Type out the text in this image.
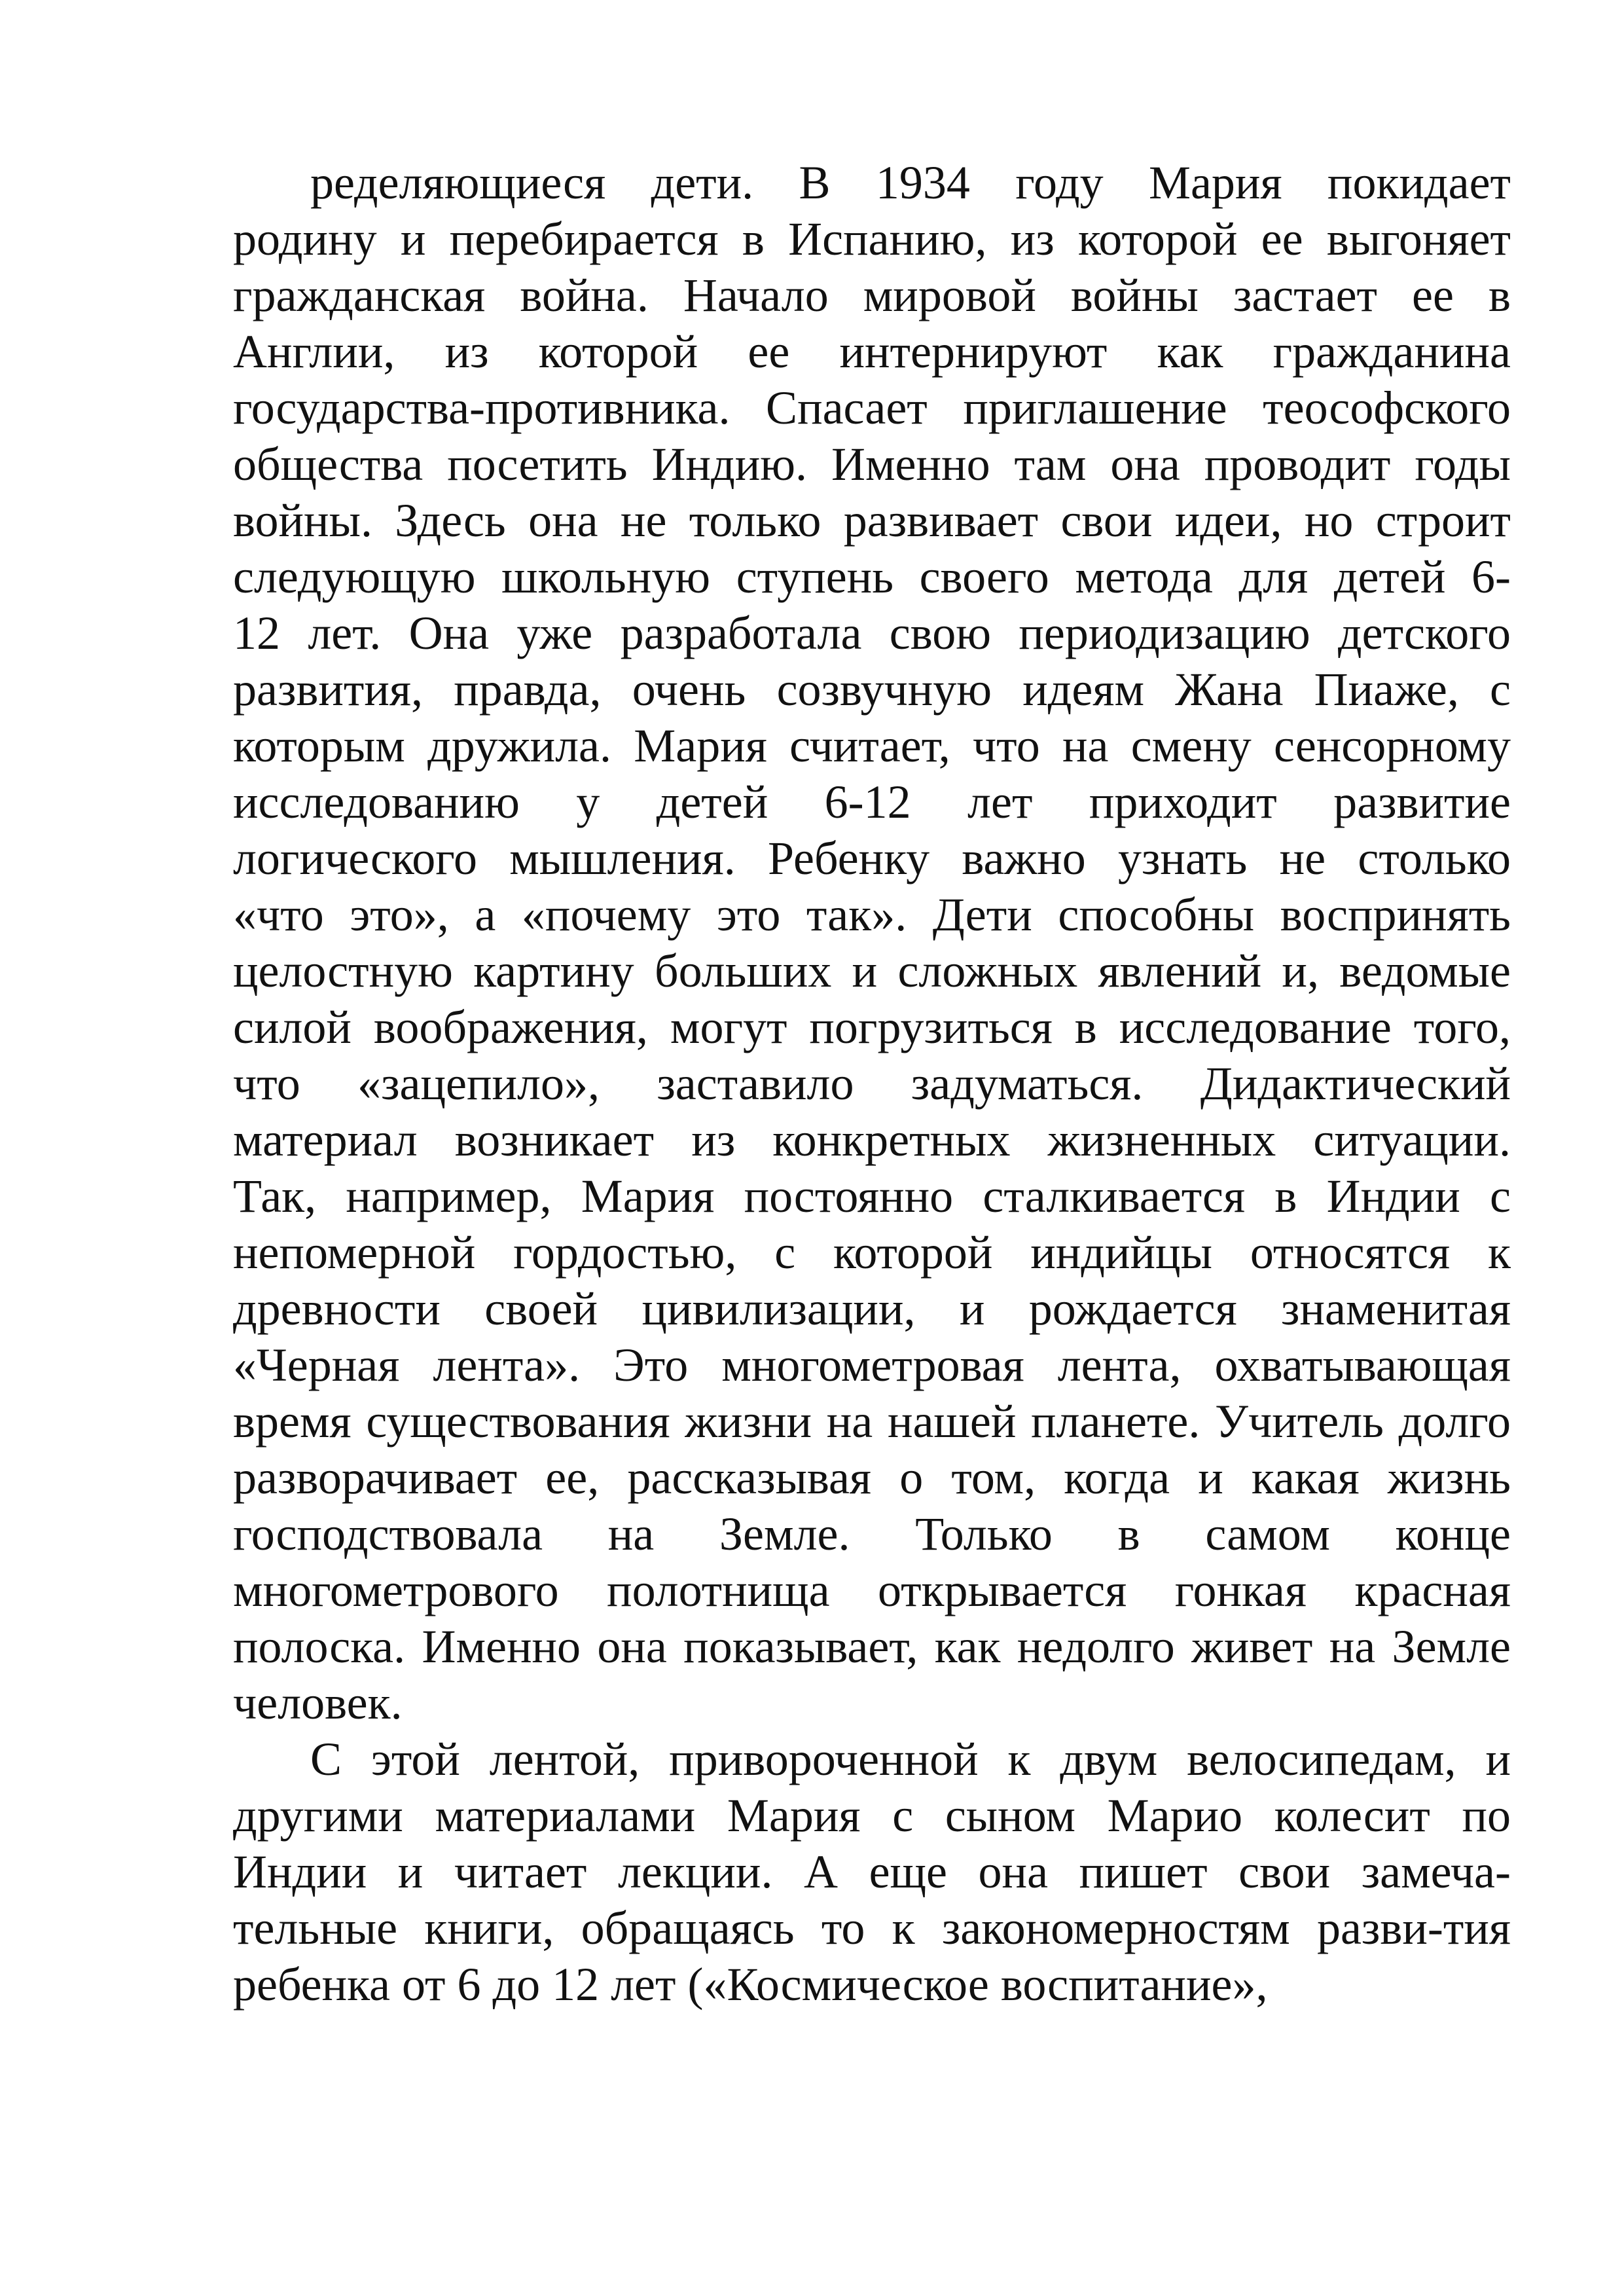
ределяющиеся дети. В 1934 году Мария покидает
родину и перебирается в Испанию, из которой ее выгоняет
гражданская война. Начало мировой войны застает ее в
Англии, из которой ее интернируют как гражданина
государства-противника. Спасает приглашение теософского
общества посетить Индию. Именно там она проводит годы
войны. Здесь она не только развивает свои идеи, но строит
следующую школьную ступень своего метода для детей 6-
12 лет. Она уже разработала свою периодизацию детского
развития, правда, очень созвучную идеям Жана Пиаже, с
которым дружила. Мария считает, что на смену сенсорному
исследованию у детей 6-12 лет приходит развитие
логического мышления. Ребенку важно узнать не столько
«что это», а «почему это так». Дети способны воспринять
целостную картину больших и сложных явлений и, ведомые
силой воображения, могут погрузиться в исследование того,
что «зацепило», заставило задуматься. Дидактический
материал возникает из конкретных жизненных ситуации.
Так, например, Мария постоянно сталкивается в Индии с
непомерной гордостью, с которой индийцы относятся к
древности своей цивилизации, и рождается знаменитая
«Черная лента». Это многометровая лента, охватывающая
время существования жизни на нашей планете. Учитель долго
разворачивает ее, рассказывая о том, когда и какая жизнь
господствовала на Земле. Только в самом конце
многометрового полотнища открывается гонкая красная
полоска. Именно она показывает, как недолго живет на Земле
человек.
С этой лентой, привороченной к двум велосипедам, и
другими материалами Мария с сыном Марио колесит по
Индии и читает лекции. А еще она пишет свои замеча-
тельные книги, обращаясь то к закономерностям разви-тия
ребенка от 6 до 12 лет («Космическое воспитание»,
